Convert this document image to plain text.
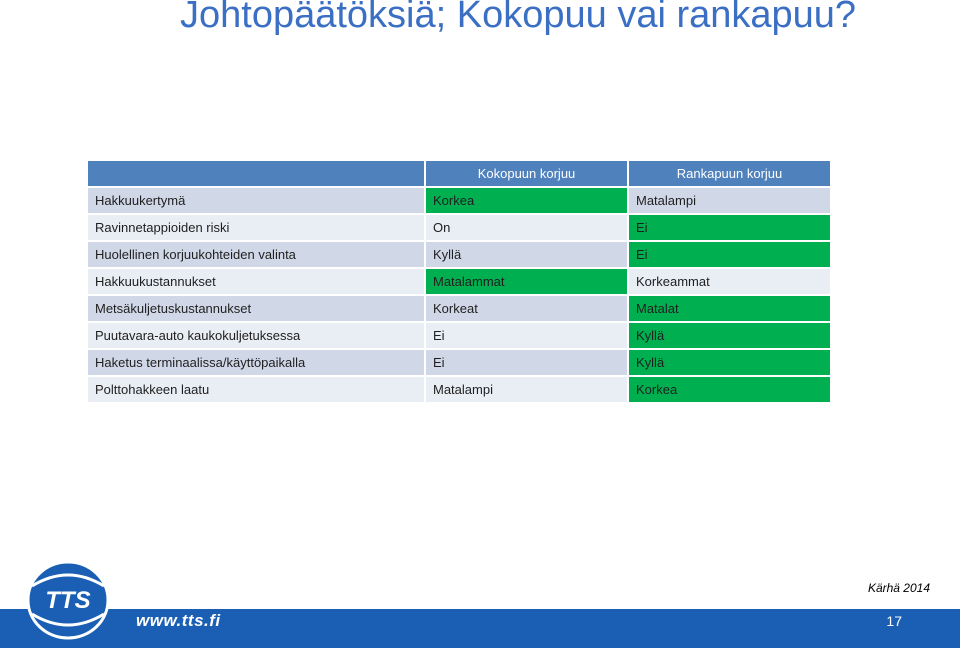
Johtopäätöksiä; Kokopuu vai rankapuu?
	Kokopuun korjuu	Rankapuun korjuu
Hakkuukertymä	Korkea	Matalampi
Ravinnetappioiden riski	On	Ei
Huolellinen korjuukohteiden valinta	Kyllä	Ei
Hakkuukustannukset	Matalammat	Korkeammat
Metsäkuljetuskustannukset	Korkeat	Matalat
Puutavara-auto kaukokuljetuksessa	Ei	Kyllä
Haketus terminaalissa/käyttöpaikalla	Ei	Kyllä
Polttohakkeen laatu	Matalampi	Korkea
Kärhä 2014
TTS
www.tts.fi	17
